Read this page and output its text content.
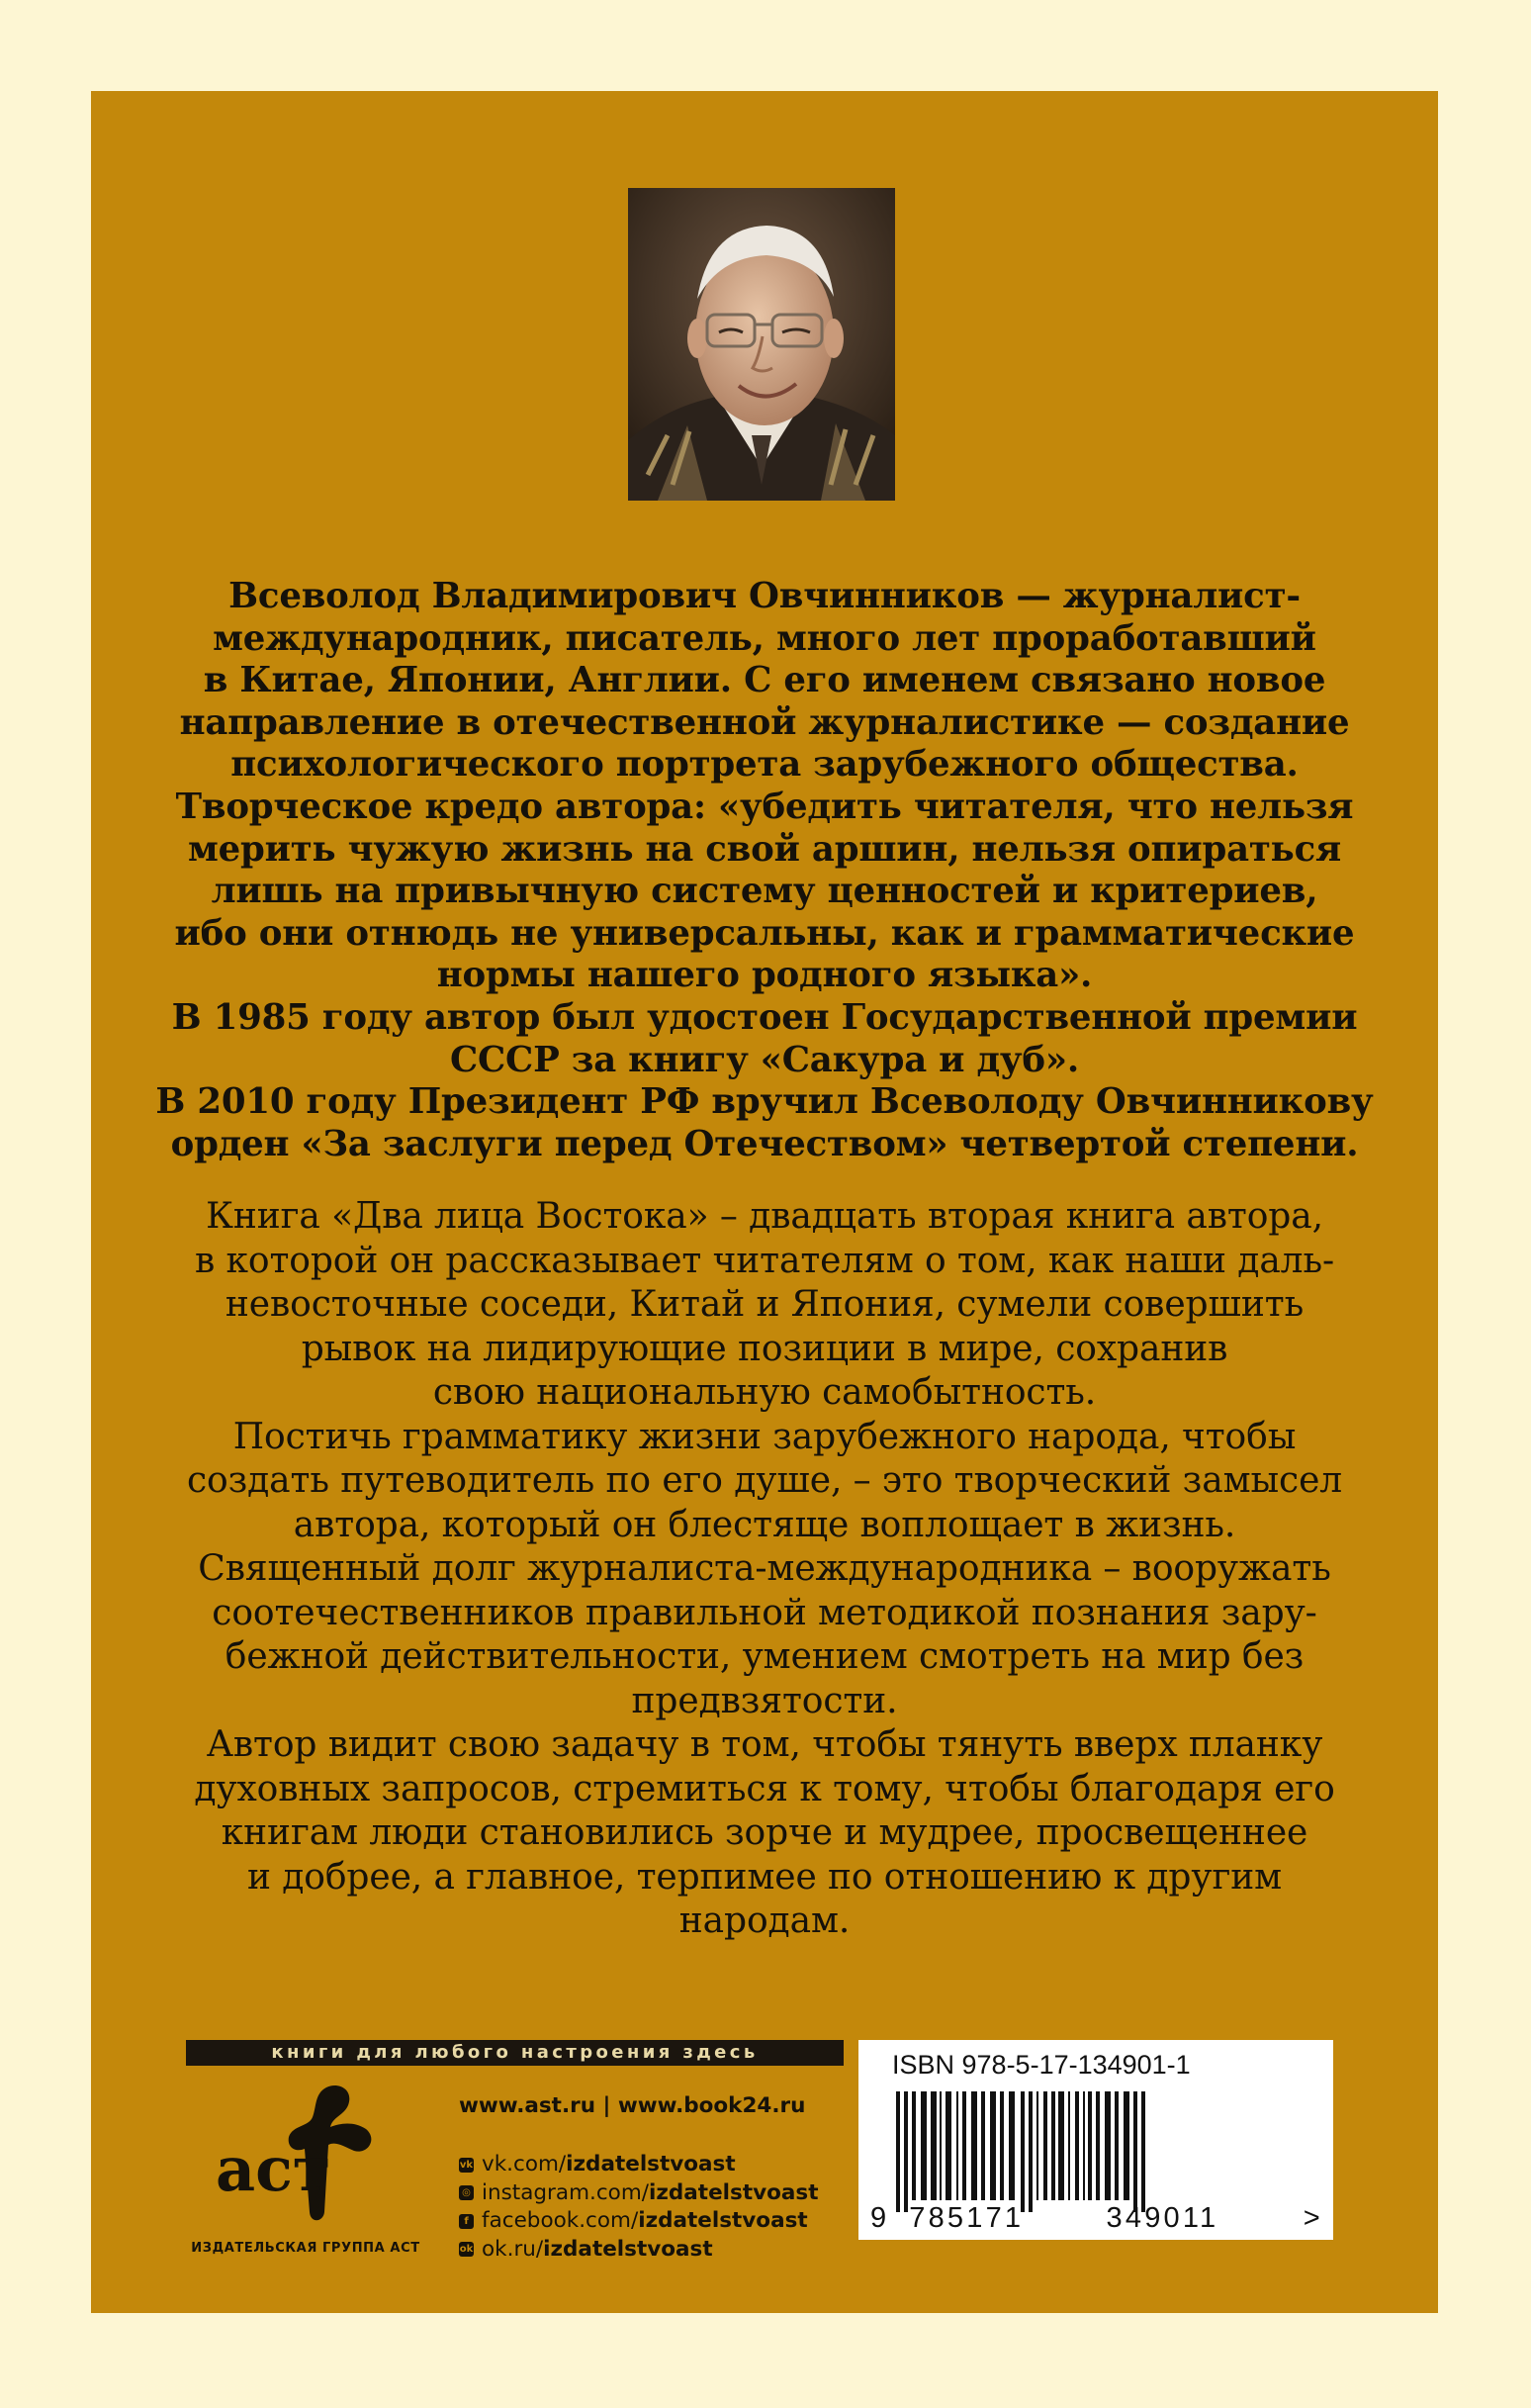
Всеволод Владимирович Овчинников — журналист-

международник, писатель, много лет проработавший

в Китае, Японии, Англии. С его именем связано новое

направление в отечественной журналистике — создание

психологического портрета зарубежного общества.

Творческое кредо автора: «убедить читателя, что нельзя

мерить чужую жизнь на свой аршин, нельзя опираться

лишь на привычную систему ценностей и критериев,

ибо они отнюдь не универсальны, как и грамматические

нормы нашего родного языка».

В 1985 году автор был удостоен Государственной премии

СССР за книгу «Сакура и дуб».

В 2010 году Президент РФ вручил Всеволоду Овчинникову

орден «За заслуги перед Отечеством» четвертой степени.

Книга «Два лица Востока» – двадцать вторая книга автора,

в которой он рассказывает читателям о том, как наши даль-

невосточные соседи, Китай и Япония, сумели совершить

рывок на лидирующие позиции в мире, сохранив

свою национальную самобытность.

Постичь грамматику жизни зарубежного народа, чтобы

создать путеводитель по его душе, – это творческий замысел

автора, который он блестяще воплощает в жизнь.

Священный долг журналиста-международника – вооружать

соотечественников правильной методикой познания зару-

бежной действительности, умением смотреть на мир без

предвзятости.

Автор видит свою задачу в том, чтобы тянуть вверх планку

духовных запросов, стремиться к тому, чтобы благодаря его

книгам люди становились зорче и мудрее, просвещеннее

и добрее, а главное, терпимее по отношению к другим

народам.

книги для любого настроения здесь
аст
ИЗДАТЕЛЬСКАЯ ГРУППА АСТ
www.ast.ru | www.book24.ru
vk vk.com/ izdatelstvoast
◎ instagram.com/ izdatelstvoast
f facebook.com/ izdatelstvoast
ok ok.ru/ izdatelstvoast
ISBN 978-5-17-134901-1
9 785171	349011	>
